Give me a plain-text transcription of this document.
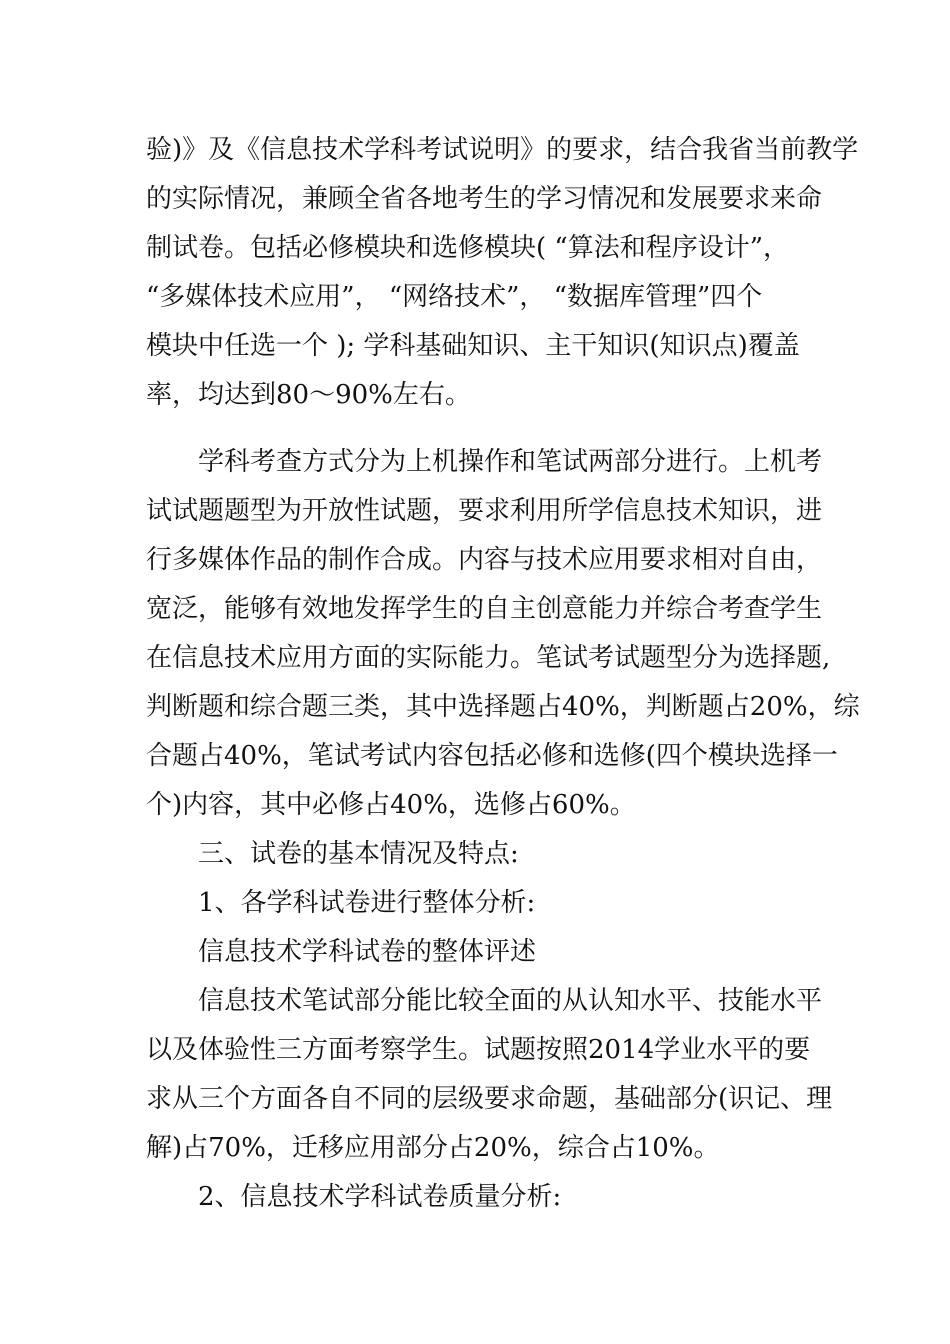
验)》及《信息技术学科考试说明》的要求，结合我省当前教学
的实际情况，兼顾全省各地考生的学习情况和发展要求来命
制试卷。包括必修模块和选修模块( “算法和程序设计”，
“多媒体技术应用”， “网络技术”， “数据库管理”四个
模块中任选一个 ); 学科基础知识、主干知识(知识点)覆盖
率，均达到80～90%左右。
学科考查方式分为上机操作和笔试两部分进行。上机考
试试题题型为开放性试题，要求利用所学信息技术知识，进
行多媒体作品的制作合成。内容与技术应用要求相对自由，
宽泛，能够有效地发挥学生的自主创意能力并综合考查学生
在信息技术应用方面的实际能力。笔试考试题型分为选择题,
判断题和综合题三类，其中选择题占40%，判断题占20%，综
合题占40%，笔试考试内容包括必修和选修(四个模块选择一
个)内容，其中必修占40%，选修占60%。
三、试卷的基本情况及特点:
1、各学科试卷进行整体分析:
信息技术学科试卷的整体评述
信息技术笔试部分能比较全面的从认知水平、技能水平
以及体验性三方面考察学生。试题按照2014学业水平的要
求从三个方面各自不同的层级要求命题，基础部分(识记、理
解)占70%，迁移应用部分占20%，综合占10%。
2、信息技术学科试卷质量分析:
